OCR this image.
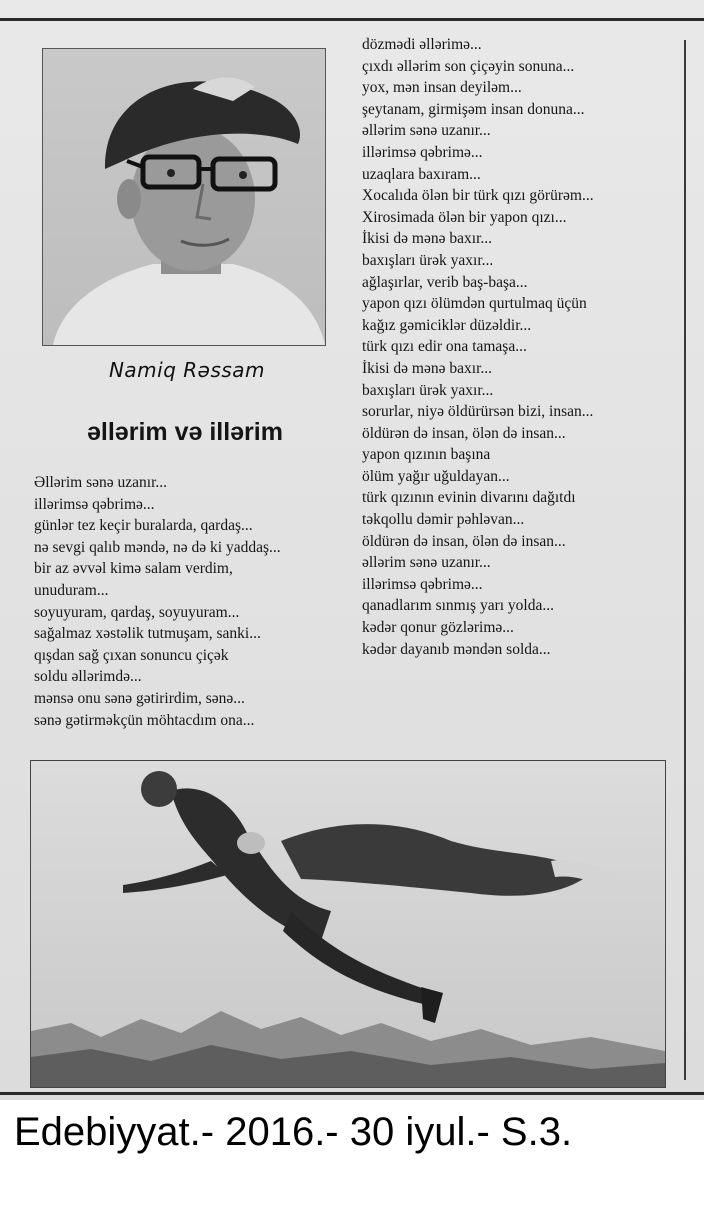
Namiq Rəssam
əllərim və illərim
Əllərim sənə uzanır...
illərimsə qəbrimə...
günlər tez keçir buralarda, qardaş...
nə sevgi qalıb məndə, nə də ki yaddaş...
bir az əvvəl kimə salam verdim,
unuduram...
soyuyuram, qardaş, soyuyuram...
sağalmaz xəstəlik tutmuşam, sanki...
qışdan sağ çıxan sonuncu çiçək
soldu əllərimdə...
mənsə onu sənə gətirirdim, sənə...
sənə gətirməkçün möhtacdım ona...
dözmədi əllərimə...
çıxdı əllərim son çiçəyin sonuna...
yox, mən insan deyiləm...
şeytanam, girmişəm insan donuna...
əllərim sənə uzanır...
illərimsə qəbrimə...
uzaqlara baxıram...
Xocalıda ölən bir türk qızı görürəm...
Xirosimada ölən bir yapon qızı...
İkisi də mənə baxır...
baxışları ürək yaxır...
ağlaşırlar, verib baş-başa...
yapon qızı ölümdən qurtulmaq üçün
kağız gəmiciklər düzəldir...
türk qızı edir ona tamaşa...
İkisi də mənə baxır...
baxışları ürək yaxır...
sorurlar, niyə öldürürsən bizi, insan...
öldürən də insan, ölən də insan...
yapon qızının başına
ölüm yağır uğuldayan...
türk qızının evinin divarını dağıtdı
təkqollu dəmir pəhləvan...
öldürən də insan, ölən də insan...
əllərim sənə uzanır...
illərimsə qəbrimə...
qanadlarım sınmış yarı yolda...
kədər qonur gözlərimə...
kədər dayanıb məndən solda...
Edebiyyat.- 2016.- 30 iyul.- S.3.
